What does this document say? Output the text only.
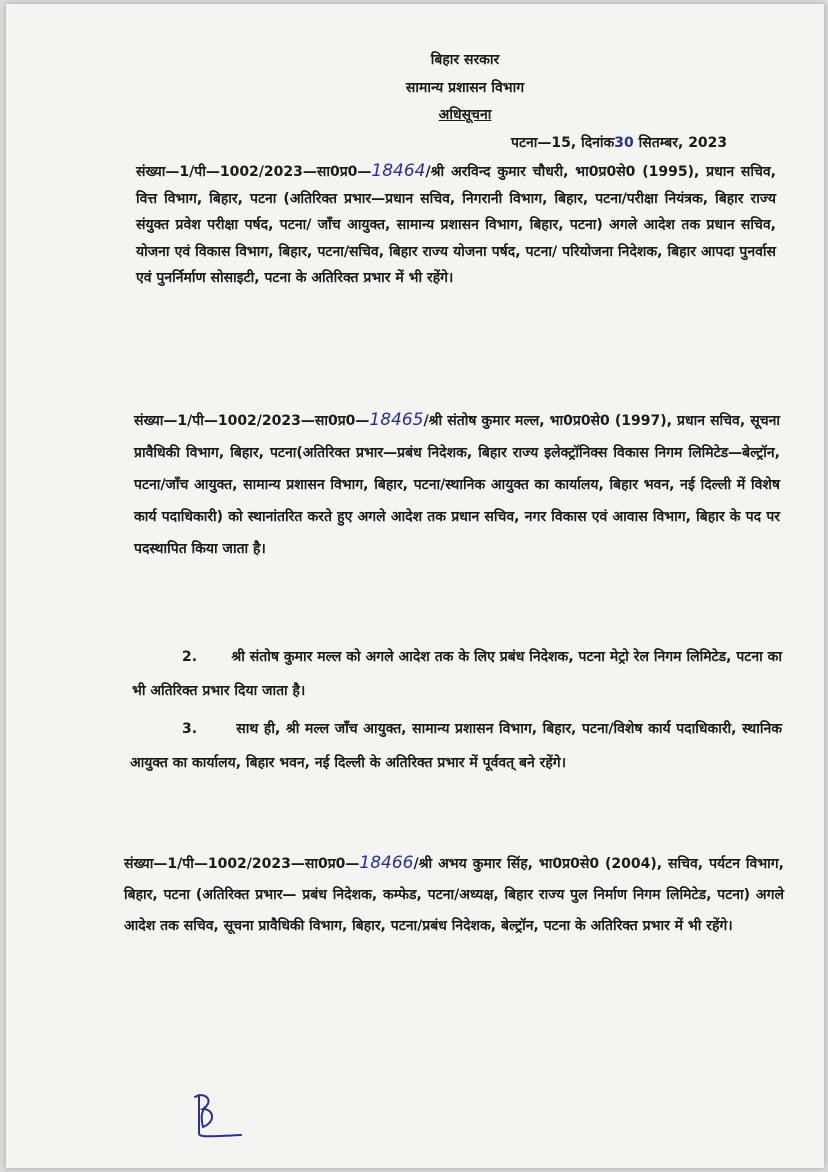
बिहार सरकार
सामान्य प्रशासन विभाग
अधिसूचना
पटना—15, दिनांक30 सितम्बर, 2023
संख्या—1/पी—1002/2023—सा0प्र0—18464/श्री अरविन्द कुमार चौधरी, भा0प्र0से0 (1995), प्रधान सचिव, वित्त विभाग, बिहार, पटना (अतिरिक्त प्रभार—प्रधान सचिव, निगरानी विभाग, बिहार, पटना/परीक्षा नियंत्रक, बिहार राज्य संयुक्त प्रवेश परीक्षा पर्षद, पटना/ जाँच आयुक्त, सामान्य प्रशासन विभाग, बिहार, पटना) अगले आदेश तक प्रधान सचिव, योजना एवं विकास विभाग, बिहार, पटना/सचिव, बिहार राज्य योजना पर्षद, पटना/ परियोजना निदेशक, बिहार आपदा पुनर्वास एवं पुनर्निर्माण सोसाइटी, पटना के अतिरिक्त प्रभार में भी रहेंगे।
संख्या—1/पी—1002/2023—सा0प्र0—18465/श्री संतोष कुमार मल्ल, भा0प्र0से0 (1997), प्रधान सचिव, सूचना प्रावैधिकी विभाग, बिहार, पटना(अतिरिक्त प्रभार—प्रबंध निदेशक, बिहार राज्य इलेक्ट्रॉनिक्स विकास निगम लिमिटेड—बेल्ट्रॉन, पटना/जाँच आयुक्त, सामान्य प्रशासन विभाग, बिहार, पटना/स्थानिक आयुक्त का कार्यालय, बिहार भवन, नई दिल्ली में विशेष कार्य पदाधिकारी) को स्थानांतरित करते हुए अगले आदेश तक प्रधान सचिव, नगर विकास एवं आवास विभाग, बिहार के पद पर पदस्थापित किया जाता है।
2. श्री संतोष कुमार मल्ल को अगले आदेश तक के लिए प्रबंध निदेशक, पटना मेट्रो रेल निगम लिमिटेड, पटना का भी अतिरिक्त प्रभार दिया जाता है।
3.	साथ ही, श्री मल्ल जाँच आयुक्त, सामान्य प्रशासन विभाग, बिहार, पटना/विशेष कार्य पदाधिकारी, स्थानिक आयुक्त का कार्यालय, बिहार भवन, नई दिल्ली के अतिरिक्त प्रभार में पूर्ववत् बने रहेंगे।
संख्या—1/पी—1002/2023—सा0प्र0—18466/श्री अभय कुमार सिंह, भा0प्र0से0 (2004), सचिव, पर्यटन विभाग, बिहार, पटना (अतिरिक्त प्रभार— प्रबंध निदेशक, कम्फेड, पटना/अध्यक्ष, बिहार राज्य पुल निर्माण निगम लिमिटेड, पटना) अगले आदेश तक सचिव, सूचना प्रावैधिकी विभाग, बिहार, पटना/प्रबंध निदेशक, बेल्ट्रॉन, पटना के अतिरिक्त प्रभार में भी रहेंगे।
